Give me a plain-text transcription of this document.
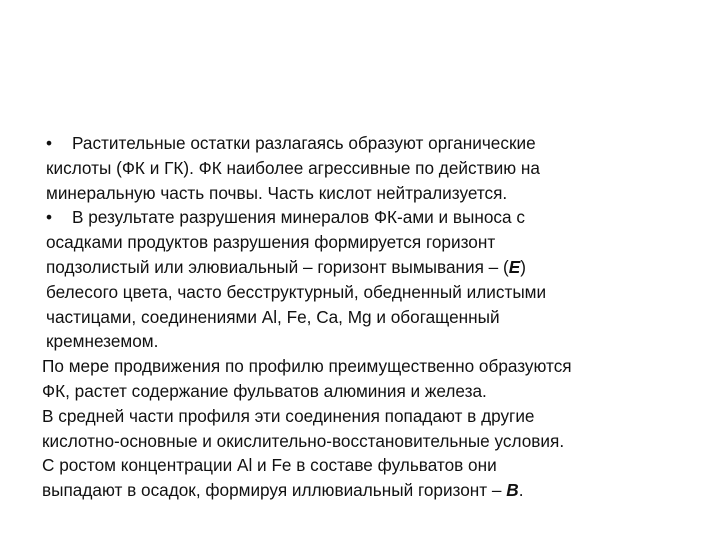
• Растительные остатки разлагаясь образуют органические
кислоты (ФК и ГК). ФК наиболее агрессивные по действию на
минеральную часть почвы. Часть кислот нейтрализуется.

• В результате разрушения минералов ФК-ами и выноса с
осадками продуктов разрушения формируется горизонт
подзолистый или элювиальный – горизонт вымывания – (E)
белесого цвета, часто бесструктурный, обедненный илистыми
частицами, соединениями Al, Fe, Ca, Mg и обогащенный
кремнеземом.

По мере продвижения по профилю преимущественно образуются
ФК, растет содержание фульватов алюминия и железа.

В средней части профиля эти соединения попадают в другие
кислотно-основные и окислительно-восстановительные условия.
С ростом концентрации Al и Fe в составе фульватов они
выпадают в осадок, формируя иллювиальный горизонт – В.
